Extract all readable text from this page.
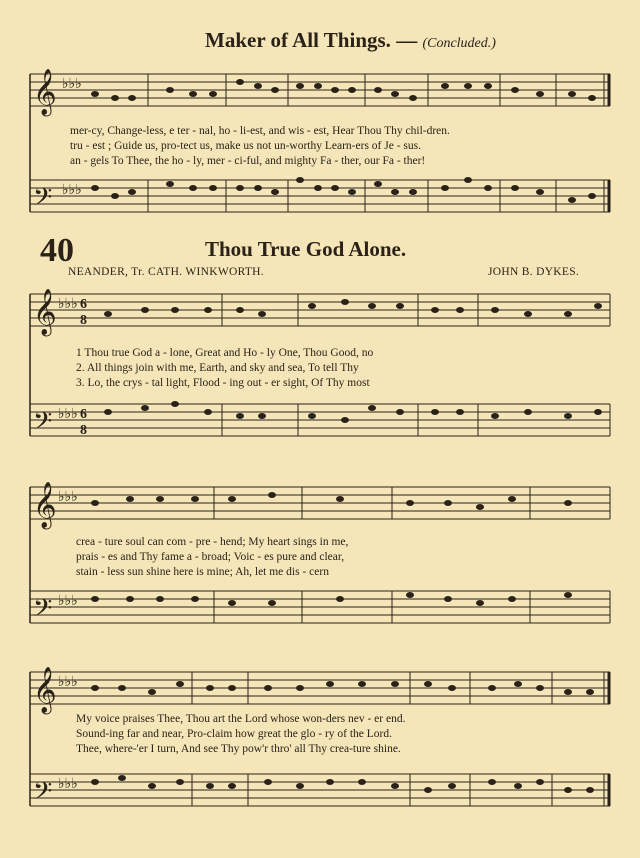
Maker of All Things. — (Concluded.)
𝄞
𝄢
♭♭♭
♭♭♭
mer-cy, Change-less, e ter - nal, ho - li-est, and wis - est, Hear Thou Thy chil-dren.
tru - est ; Guide us, pro-tect us, make us not un-worthy Learn-ers of Je - sus.
an - gels To Thee, the ho - ly, mer - ci-ful, and mighty Fa - ther, our Fa - ther!
40	Thou True God Alone.
NEANDER, Tr. CATH. WINKWORTH.	JOHN B. DYKES.
𝄞
𝄢
♭♭♭
♭♭♭
6
8
6
8
1 Thou true God a - lone, Great and Ho - ly One, Thou Good, no
2. All things join with me, Earth, and sky and sea, To tell Thy
3. Lo, the crys - tal light, Flood - ing out - er sight, Of Thy most
𝄞
𝄢
♭♭♭
♭♭♭
crea - ture soul can com - pre - hend; My heart sings in me,
prais - es and Thy fame a - broad; Voic - es pure and clear,
stain - less sun shine here is mine; Ah, let me dis - cern
𝄞
𝄢
♭♭♭
♭♭♭
My voice praises Thee, Thou art the Lord whose won-ders nev - er end.
Sound-ing far and near, Pro-claim how great the glo - ry of the Lord.
Thee, where-'er I turn, And see Thy pow'r thro' all Thy crea-ture shine.
